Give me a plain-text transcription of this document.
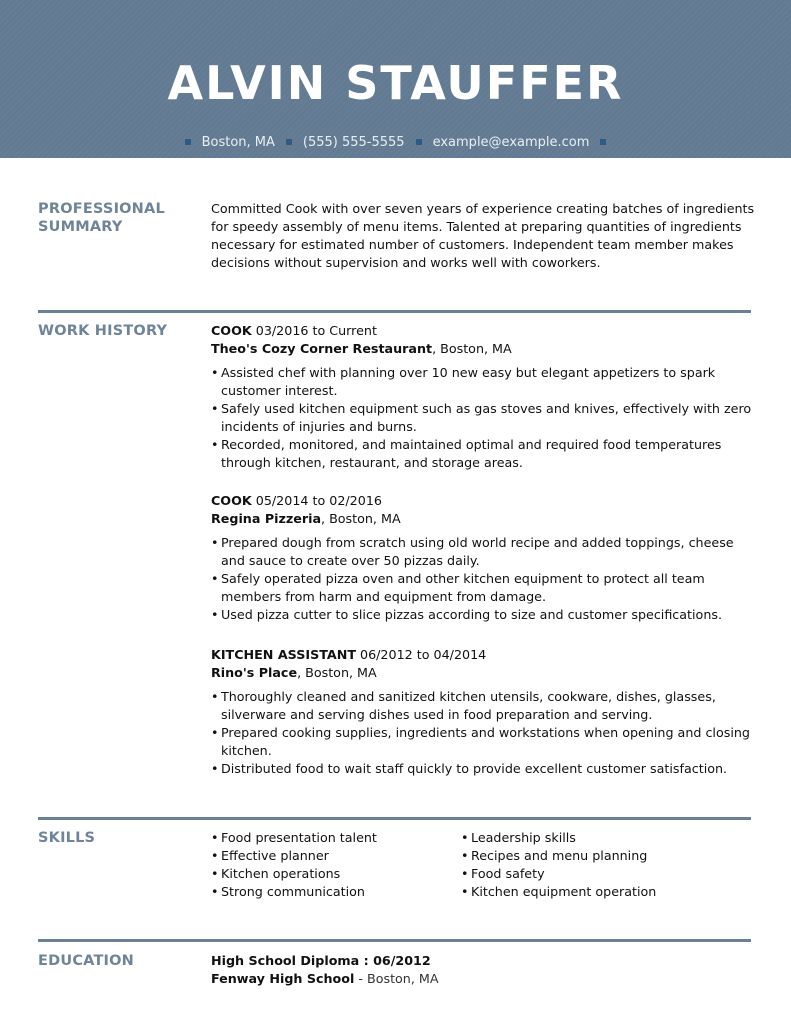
ALVIN STAUFFER
Boston, MA (555) 555-5555 example@example.com
PROFESSIONAL
SUMMARY
Committed Cook with over seven years of experience creating batches of ingredients for speedy assembly of menu items. Talented at preparing quantities of ingredients necessary for estimated number of customers. Independent team member makes decisions without supervision and works well with coworkers.
WORK HISTORY	COOK 03/2016 to Current
Theo's Cozy Corner Restaurant, Boston, MA
• Assisted chef with planning over 10 new easy but elegant appetizers to spark customer interest.
• Safely used kitchen equipment such as gas stoves and knives, effectively with zero incidents of injuries and burns.
• Recorded, monitored, and maintained optimal and required food temperatures through kitchen, restaurant, and storage areas.
COOK 05/2014 to 02/2016
Regina Pizzeria, Boston, MA
• Prepared dough from scratch using old world recipe and added toppings, cheese and sauce to create over 50 pizzas daily.
• Safely operated pizza oven and other kitchen equipment to protect all team members from harm and equipment from damage.
• Used pizza cutter to slice pizzas according to size and customer specifications.
KITCHEN ASSISTANT 06/2012 to 04/2014
Rino's Place, Boston, MA
• Thoroughly cleaned and sanitized kitchen utensils, cookware, dishes, glasses, silverware and serving dishes used in food preparation and serving.
• Prepared cooking supplies, ingredients and workstations when opening and closing kitchen.
• Distributed food to wait staff quickly to provide excellent customer satisfaction.
SKILLS
•	Food presentation talent
• Effective planner
• Kitchen operations
• Strong communication
• Leadership skills
• Recipes and menu planning
• Food safety
• Kitchen equipment operation
EDUCATION	High School Diploma : 06/2012
Fenway High School - Boston, MA
